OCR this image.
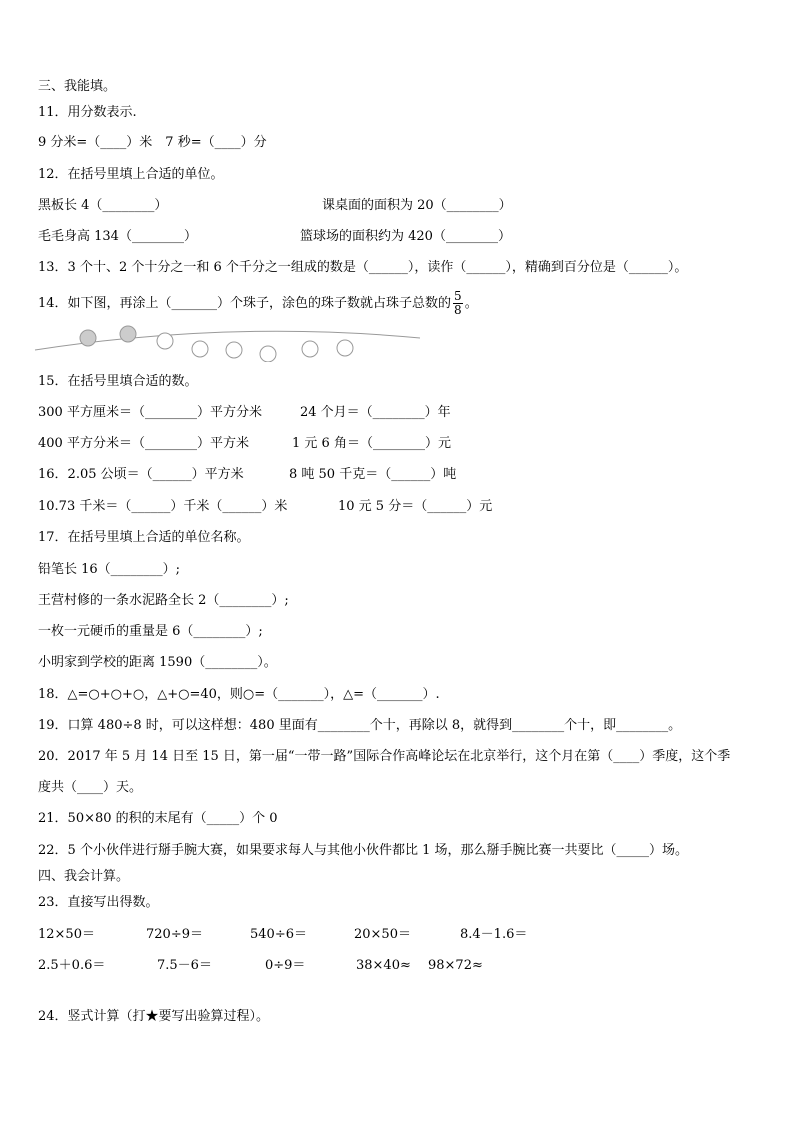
三、我能填。
11．用分数表示.
9 分米=（____）米　7 秒=（____）分
12．在括号里填上合适的单位。
黑板长 4（________）	课桌面的面积为 20（________）
毛毛身高 134（________）	篮球场的面积约为 420（________）
13．3 个十、2 个十分之一和 6 个千分之一组成的数是（______），读作（______），精确到百分位是（______）。
14．如下图，再涂上（_______）个珠子，涂色的珠子数就占珠子总数的 $\frac{5}{8}$ 。
15．在括号里填合适的数。
300 平方厘米＝（________）平方分米	24 个月＝（________）年
400 平方分米＝（________）平方米	1 元 6 角＝（________）元
16．2.05 公顷＝（______）平方米	8 吨 50 千克＝（______）吨
10.73 千米＝（______）千米（______）米	10 元 5 分＝（______）元
17．在括号里填上合适的单位名称。
铅笔长 16（________）;
王营村修的一条水泥路全长 2（________）;
一枚一元硬币的重量是 6（________）;
小明家到学校的距离 1590（________）。
18．△=○+○+○，△+○=40，则○=（_______），△=（_______）.
19．口算 480÷8 时，可以这样想：480 里面有________个十，再除以 8，就得到________个十，即________。
20．2017 年 5 月 14 日至 15 日，第一届“一带一路”国际合作高峰论坛在北京举行，这个月在第（____）季度，这个季
度共（____）天。
21．50×80 的积的末尾有（_____）个 0
22．5 个小伙伴进行掰手腕大赛，如果要求每人与其他小伙件都比 1 场，那么掰手腕比赛一共要比（_____）场。
四、我会计算。
23．直接写出得数。
12×50＝	720÷9＝	540÷6＝	20×50＝	8.4－1.6＝
2.5＋0.6＝	7.5－6＝	0÷9＝	38×40≈ 98×72≈
24．竖式计算（打★要写出验算过程）。
